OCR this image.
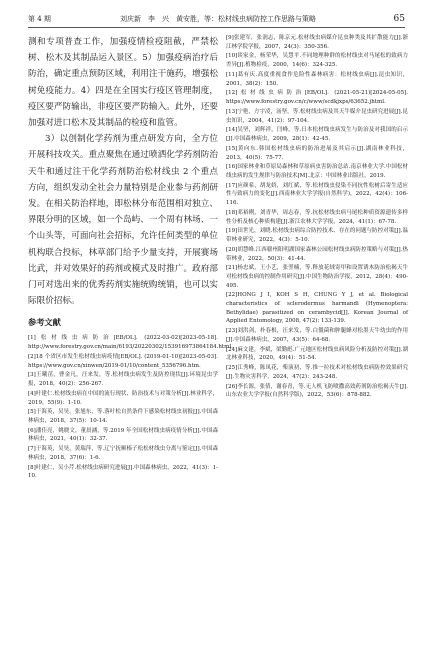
第 4 期	刘庆新　李　兴　黄安胜，等：松材线虫病防控工作思路与策略	65

测和专项普查工作，加强疫情检疫阻截，严禁松树、松木及其制品运入景区。5）加强疫病治疗后防治，确定重点预防区域，利用注干施药，增强松树免疫能力。4）四是在全国实行疫区管理制度，疫区要严防输出，非疫区要严防输入。此外，还要加强对进口松木及其制品的检疫和监管。

3）以创制化学药剂为重点研发方向，全方位开展科技攻关。重点聚焦在通过喷洒化学药剂防治天牛和通过注干化学药剂防治松材线虫 2 个重点方向，组织发动全社会力量特别是企业参与药剂研发。在相关防治样地，即松林分布范围相对独立、界限分明的区域，如一个岛屿、一个周有林场、一个山头等，可面向社会招标，允许任何类型的单位机构联合投标，林草部门给予少量支持，开展赛场比武，并对效果好的药剂或模式及时推广。政府部门可对选出来的优秀药剂实施统购统销，也可以实际限价招标。

参考文献

[1]松材线虫病防治[EB/OL]. (2022-03-02)[2023-05-18]. http://www.forestry.gov.cn/main/6193/20220302/153916973864184.html.

[2]18 个省区市发生松材线虫病疫情[EB/OL]. (2019-01-10)[2023-05-03]. https://www.gov.cn/xinwen/2019-01/10/content_5356796.htm.

[3]王曦茁，曹金凡，汪来发，等.松材线虫病发生及防控现状[J].环境昆虫学报，2018，40(2)：256-267.

[4]叶建仁.松材线虫病在中国的流行现状、防治技术与对策分析[J].林业科学，2019，55(9)：1-10.

[5]于海英，吴昊，张旭东，等.落叶松自然条件下感染松材线虫初报[J].中国森林病虫，2018，37(5)：10-14.

[6]潘佳亮，姚晓文，董晨涵，等.2019 年全国松材线虫病疫情分析[J].中国森林病虫，2021，40(1)：32-37.

[7]于海英，吴昊，黄瑞萍，等.辽宁抚顺榛子松松材线虫分离与鉴定[J].中国森林病虫，2018，37(6)：1-6.

[8]叶建仁，吴小芹.松材线虫病研究进展[J].中国森林病虫，2022，41(3)：1-10.

[9]张建军，张润志，陈京元.松材线虫病媒介昆虫种类及其扩散能力[J].浙江林学院学报，2007，24(3)：350-356.

[10]谈家金，杨荣华，吴慧平.不同地理种群的松材线虫对马尾松的致病力差异[J].植物检疫，2000，14(6)：324-325.

[11]葛有庆.高度重视食作危险性森林病害：松材线虫病[J].昆虫知识，2001，38(2)：150.

[12]松材线虫病防治[EB/OL]. (2021-05-21)[2024-05-05]. https://www.forestry.gov.cn/c/www/scdkjxps/63652.jhtml.

[13]宁艳，方宇凌，汤坚，等.松材线虫病及其天牛媒介昆虫研究进展[J].昆虫知识，2004，41(2)：97-104.

[14]吴坚，刘辉祥，闫峰，等.日本松材线虫病发生与防治及对我国的启示[J].中国森林病虫，2009，28(1)：42-45.

[15]黄向东.韩国松材线虫病的防治进展及其启示[J].湖南林业科技，2013，40(5)：75-77.

[16]国家林业和草原局森林和草原病虫害防治总站.南京林业大学.中国松材线虫病的发生规律与防治技术[M].北京：中国林业出版社，2019.

[17]应颜希，胡龙娇，刘红斌，等.松材线虫侵染不同抗性松树后寄生适应性与致病力的变化[J].西南林业大学学报(自然科学)，2022，42(4)：106-116.

[18]邓裕俐，刘青华，周志春，等.抗松材线虫病马尾松种质资源遗传多样性分析及核心种质构建[J].浙江农林大学学报，2024，41(1)：67-78.

[19]田世光，刘晓.松材线虫病综合防控技术、存在的问题与防控对策[J].温带林业研究，2022，4(3)：5-10.

[20]胡慧峰.江西赣州阳明湖国家森林公园松材线虫病防控策略与对策[J].热带林业，2022，50(3)：41-44.

[21]杨忠斌，王小艺，张翌楠，等.释放花绒寄甲和设置诱木防治松褐天牛对松材线虫病的控制作用研究[J].中国生物防治学报，2012，28(4)：490-495.

[22]HONG J I, KOH S H, CHUNG Y J, et al. Biological characteristics of sclerodermus harmandi (Hymenoptera: Bethylidae) parasitized on cerambycid[J]. Korean Journal of Applied Entomology, 2008, 47(2): 133-139.

[23]刘洪剑，朴春根，汪来发，等.白僵菌和肿腿蜂对松墨天牛幼虫的作用[J].中国森林病虫，2007，43(5)：64-68.

[24]麻文建，李斌，梁勤彪.广元地区松材线虫病风险分析及防控对策[J].湖北林业科技，2020，49(4)：51-54.

[25]江秀峰，陈凤花，柴演初，等.推一拉技术对松材线虫病防控效果研究[J].生物灾害科学，2024，47(2)：243-248.

[26]李长源，张倩，谢春青，等.无人机飞防喷撒高效药剂防治松褐天牛[J].山东农业大学学报(自然科学版)，2022，53(6)：878-882.
